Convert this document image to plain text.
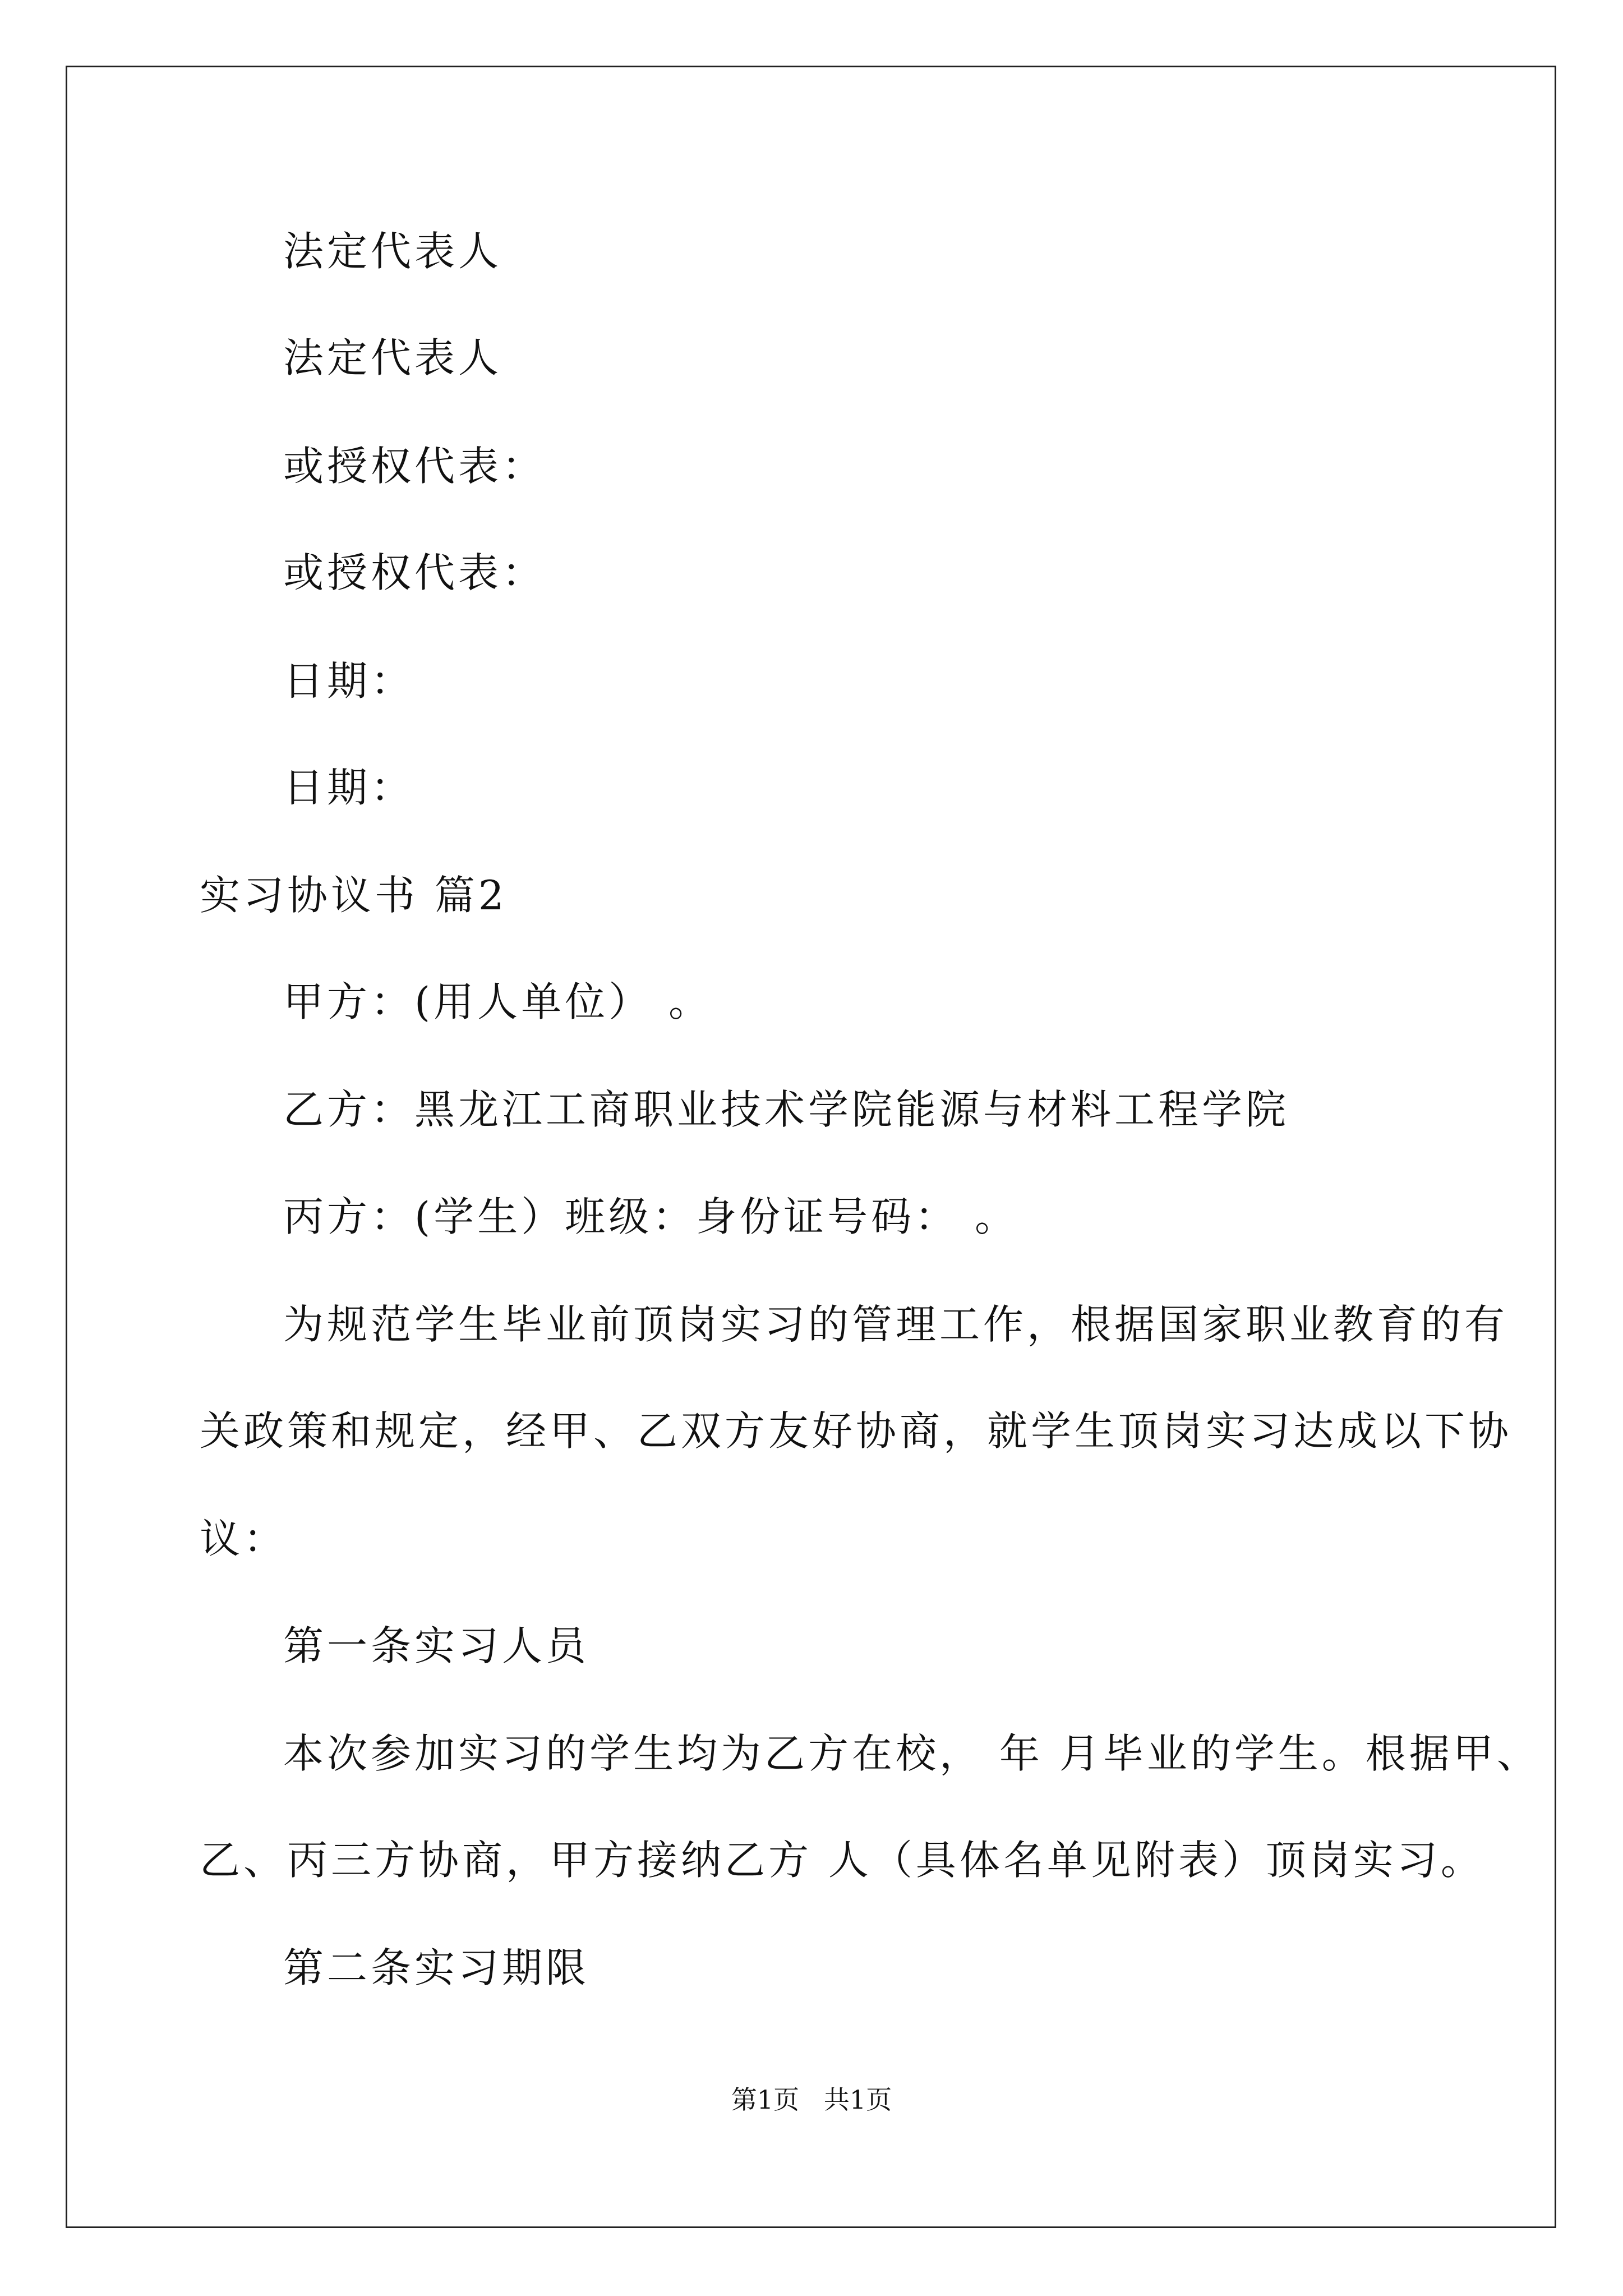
法定代表人
法定代表人
或授权代表：
或授权代表：
日期：
日期：
实习协议书 篇2
甲方：(用人单位） 。
乙方：黑龙江工商职业技术学院能源与材料工程学院
丙方：(学生）班级：身份证号码： 。
为规范学生毕业前顶岗实习的管理工作，根据国家职业教育的有
关政策和规定，经甲、乙双方友好协商，就学生顶岗实习达成以下协
议：
第一条实习人员
本次参加实习的学生均为乙方在校， 年 月毕业的学生。根据甲、
乙、丙三方协商，甲方接纳乙方 人（具体名单见附表）顶岗实习。
第二条实习期限
第1页   共1页
